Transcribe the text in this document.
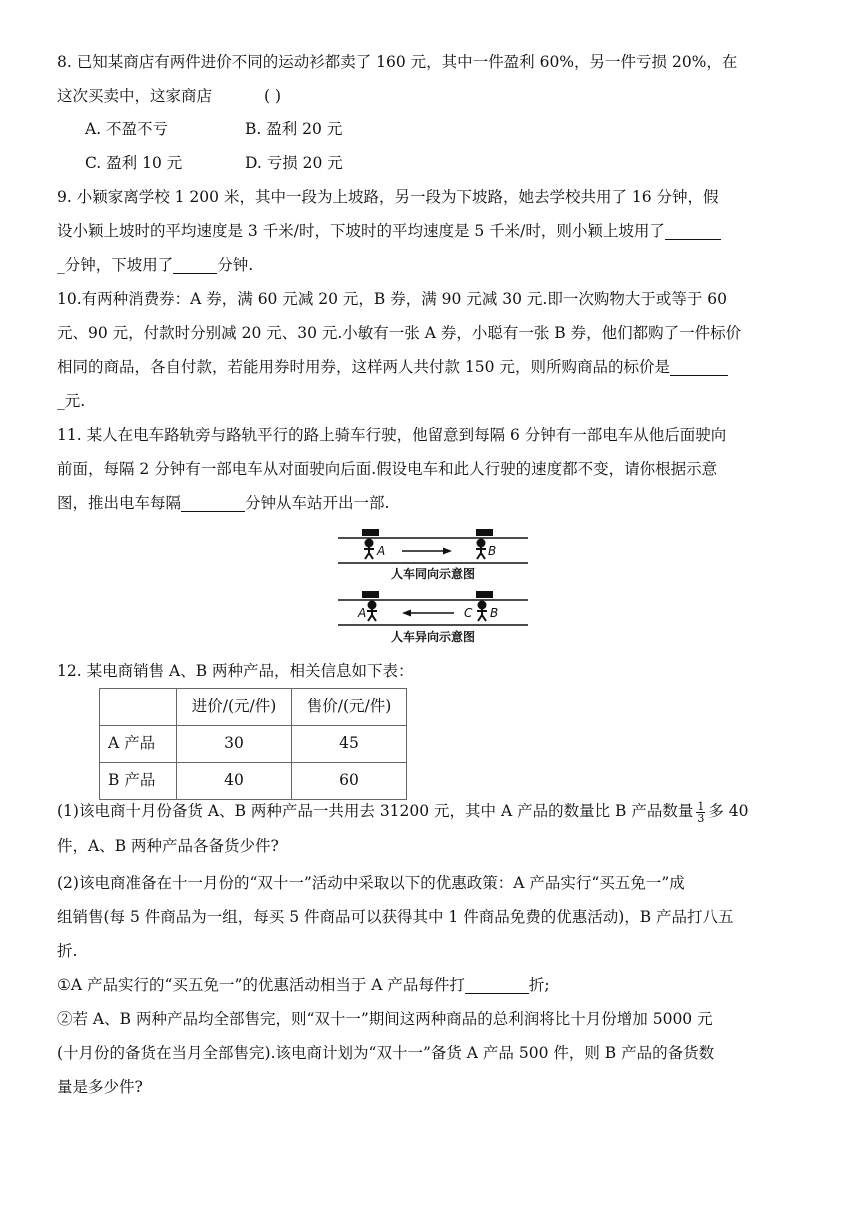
8. 已知某商店有两件进价不同的运动衫都卖了 160 元，其中一件盈利 60%，另一件亏损 20%，在
这次买卖中，这家商店	( )
A. 不盈不亏	B. 盈利 20 元
C. 盈利 10 元	D. 亏损 20 元
9. 小颖家离学校 1 200 米，其中一段为上坡路，另一段为下坡路，她去学校共用了 16 分钟，假
设小颖上坡时的平均速度是 3 千米/时，下坡时的平均速度是 5 千米/时，则小颖上坡用了
_分钟，下坡用了	分钟.
10.有两种消费券：A 券，满 60 元减 20 元，B 券，满 90 元减 30 元.即一次购物大于或等于 60
元、90 元，付款时分别减 20 元、30 元.小敏有一张 A 券，小聪有一张 B 券，他们都购了一件标价
相同的商品，各自付款，若能用券时用券，这样两人共付款 150 元，则所购商品的标价是
_元.
11. 某人在电车路轨旁与路轨平行的路上骑车行驶，他留意到每隔 6 分钟有一部电车从他后面驶向
前面，每隔 2 分钟有一部电车从对面驶向后面.假设电车和此人行驶的速度都不变，请你根据示意
图，推出电车每隔	分钟从车站开出一部.
A	B
人车同向示意图
A	C B
人车异向示意图
12. 某电商销售 A、B 两种产品，相关信息如下表：
	进价/(元/件)	售价/(元/件)
A 产品	30	45
B 产品	40	60
(1)该电商十月份备货 A、B 两种产品一共用去 31200 元，其中 A 产品的数量比 B 产品数量 $\frac{1}{3}$ 多 40
件，A、B 两种产品各备货少件?
(2)该电商准备在十一月份的“双十一”活动中采取以下的优惠政策：A 产品实行“买五免一”成
组销售(每 5 件商品为一组，每买 5 件商品可以获得其中 1 件商品免费的优惠活动)，B 产品打八五
折.
①A 产品实行的“买五免一”的优惠活动相当于 A 产品每件打	折;
②若 A、B 两种产品均全部售完，则“双十一”期间这两种商品的总利润将比十月份增加 5000 元
(十月份的备货在当月全部售完).该电商计划为“双十一”备货 A 产品 500 件，则 B 产品的备货数
量是多少件?
